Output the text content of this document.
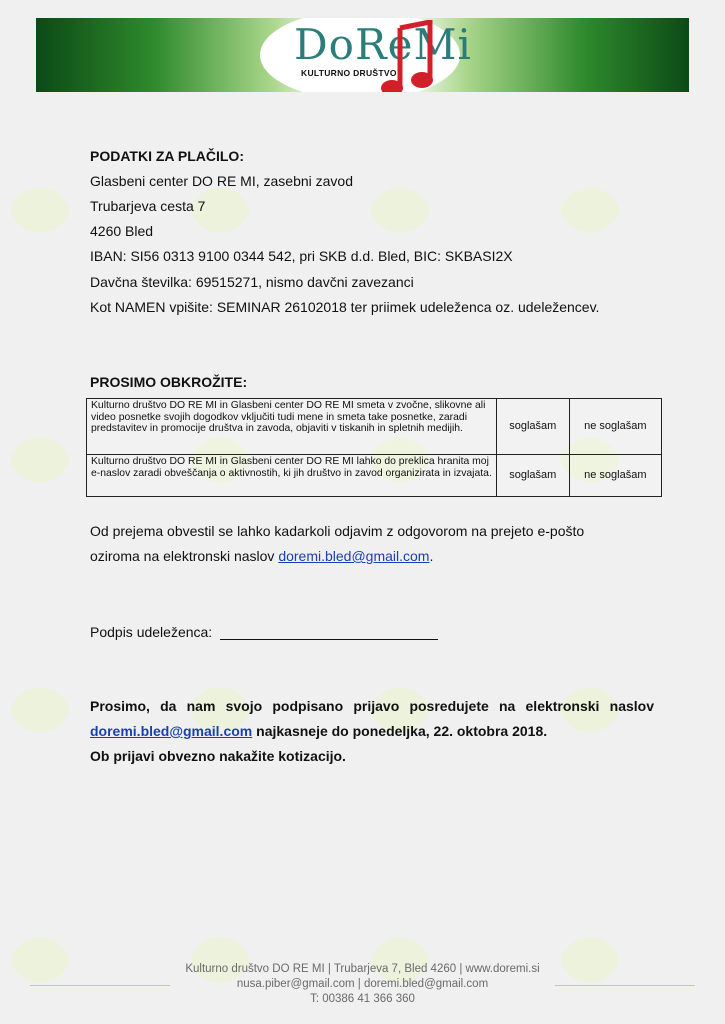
DoReMi
KULTURNO DRUŠTVO
PODATKI ZA PLAČILO:
Glasbeni center DO RE MI, zasebni zavod
Trubarjeva cesta 7
4260 Bled
IBAN: SI56 0313 9100 0344 542, pri SKB d.d. Bled, BIC: SKBASI2X
Davčna številka: 69515271, nismo davčni zavezanci
Kot NAMEN vpišite: SEMINAR 26102018 ter priimek udeleženca oz. udeležencev.
PROSIMO OBKROŽITE:
Kulturno društvo DO RE MI in Glasbeni center DO RE MI smeta v zvočne, slikovne ali video posnetke svojih dogodkov vključiti tudi mene in smeta take posnetke, zaradi predstavitev in promocije društva in zavoda, objaviti v tiskanih in spletnih medijih.	soglašam	ne soglašam
Kulturno društvo DO RE MI in Glasbeni center DO RE MI lahko do preklica hranita moj e-naslov zaradi obveščanja o aktivnostih, ki jih društvo in zavod organizirata in izvajata.	soglašam	ne soglašam
Od prejema obvestil se lahko kadarkoli odjavim z odgovorom na prejeto e-pošto
oziroma na elektronski naslov doremi.bled@gmail.com.
Podpis udeleženca:
Prosimo, da nam svojo podpisano prijavo posredujete na elektronski naslov
doremi.bled@gmail.com najkasneje do ponedeljka, 22. oktobra 2018.
Ob prijavi obvezno nakažite kotizacijo.
Kulturno društvo DO RE MI | Trubarjeva 7, Bled 4260 | www.doremi.si
nusa.piber@gmail.com | doremi.bled@gmail.com
T: 00386 41 366 360
